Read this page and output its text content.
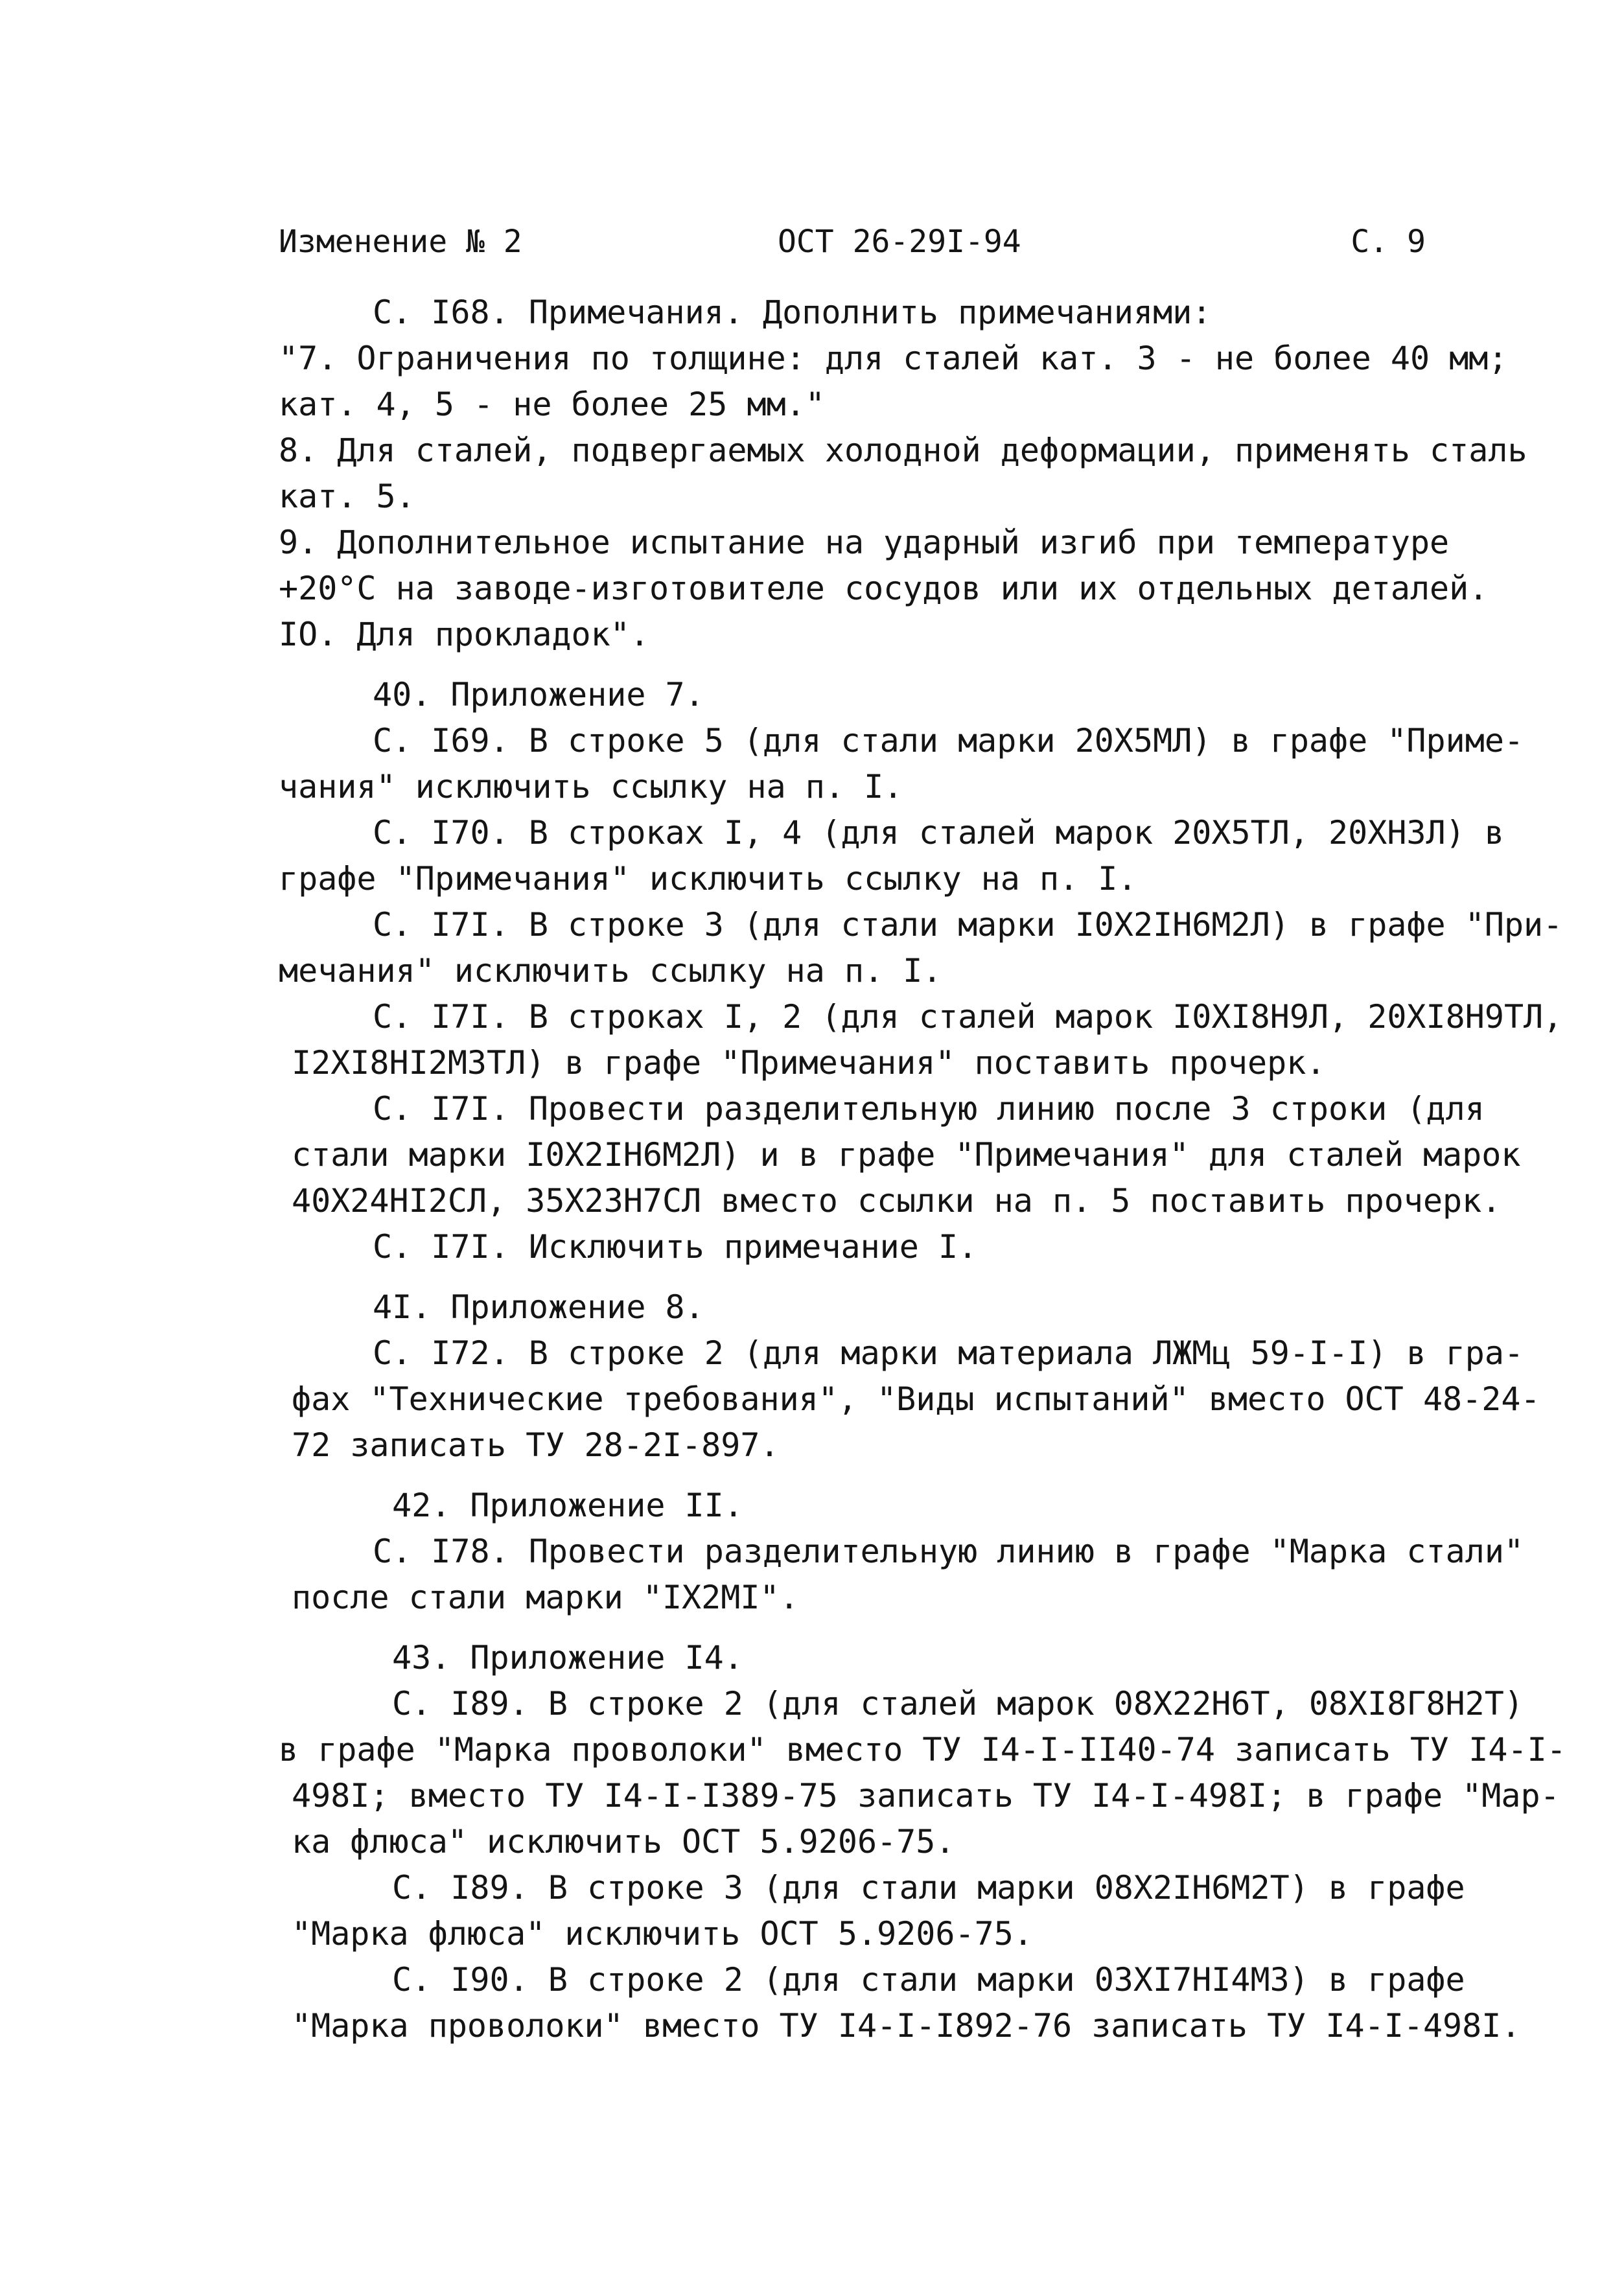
Изменение № 2	ОСТ 26-29I-94	С. 9
С. I68. Примечания. Дополнить примечаниями:
"7. Ограничения по толщине: для сталей кат. 3 - не более 40 мм;
кат. 4, 5 - не более 25 мм."
8. Для сталей, подвергаемых холодной деформации, применять сталь
кат. 5.
9. Дополнительное испытание на ударный изгиб при температуре
+20°С на заводе-изготовителе сосудов или их отдельных деталей.
IO. Для прокладок".
40. Приложение 7.
С. I69. В строке 5 (для стали марки 20Х5МЛ) в графе "Приме-
чания" исключить ссылку на п. I.
С. I70. В строках I, 4 (для сталей марок 20Х5ТЛ, 20ХН3Л) в
графе "Примечания" исключить ссылку на п. I.
С. I7I. В строке 3 (для стали марки I0Х2IН6М2Л) в графе "При-
мечания" исключить ссылку на п. I.
С. I7I. В строках I, 2 (для сталей марок I0ХI8Н9Л, 20ХI8Н9ТЛ,
I2ХI8НI2М3ТЛ) в графе "Примечания" поставить прочерк.
С. I7I. Провести разделительную линию после 3 строки (для
стали марки I0Х2IН6М2Л) и в графе "Примечания" для сталей марок
40Х24НI2СЛ, 35Х23Н7СЛ вместо ссылки на п. 5 поставить прочерк.
С. I7I. Исключить примечание I.
4I. Приложение 8.
С. I72. В строке 2 (для марки материала ЛЖМц 59-I-I) в гра-
фах "Технические требования", "Виды испытаний" вместо ОСТ 48-24-
72 записать ТУ 28-2I-897.
42. Приложение II.
С. I78. Провести разделительную линию в графе "Марка стали"
после стали марки "IХ2МI".
43. Приложение I4.
С. I89. В строке 2 (для сталей марок 08Х22Н6Т, 08ХI8Г8Н2Т)
в графе "Марка проволоки" вместо ТУ I4-I-II40-74 записать ТУ I4-I-
498I; вместо ТУ I4-I-I389-75 записать ТУ I4-I-498I; в графе "Мар-
ка флюса" исключить ОСТ 5.9206-75.
С. I89. В строке 3 (для стали марки 08Х2IН6М2Т) в графе
"Марка флюса" исключить ОСТ 5.9206-75.
С. I90. В строке 2 (для стали марки 03ХI7НI4М3) в графе
"Марка проволоки" вместо ТУ I4-I-I892-76 записать ТУ I4-I-498I.
